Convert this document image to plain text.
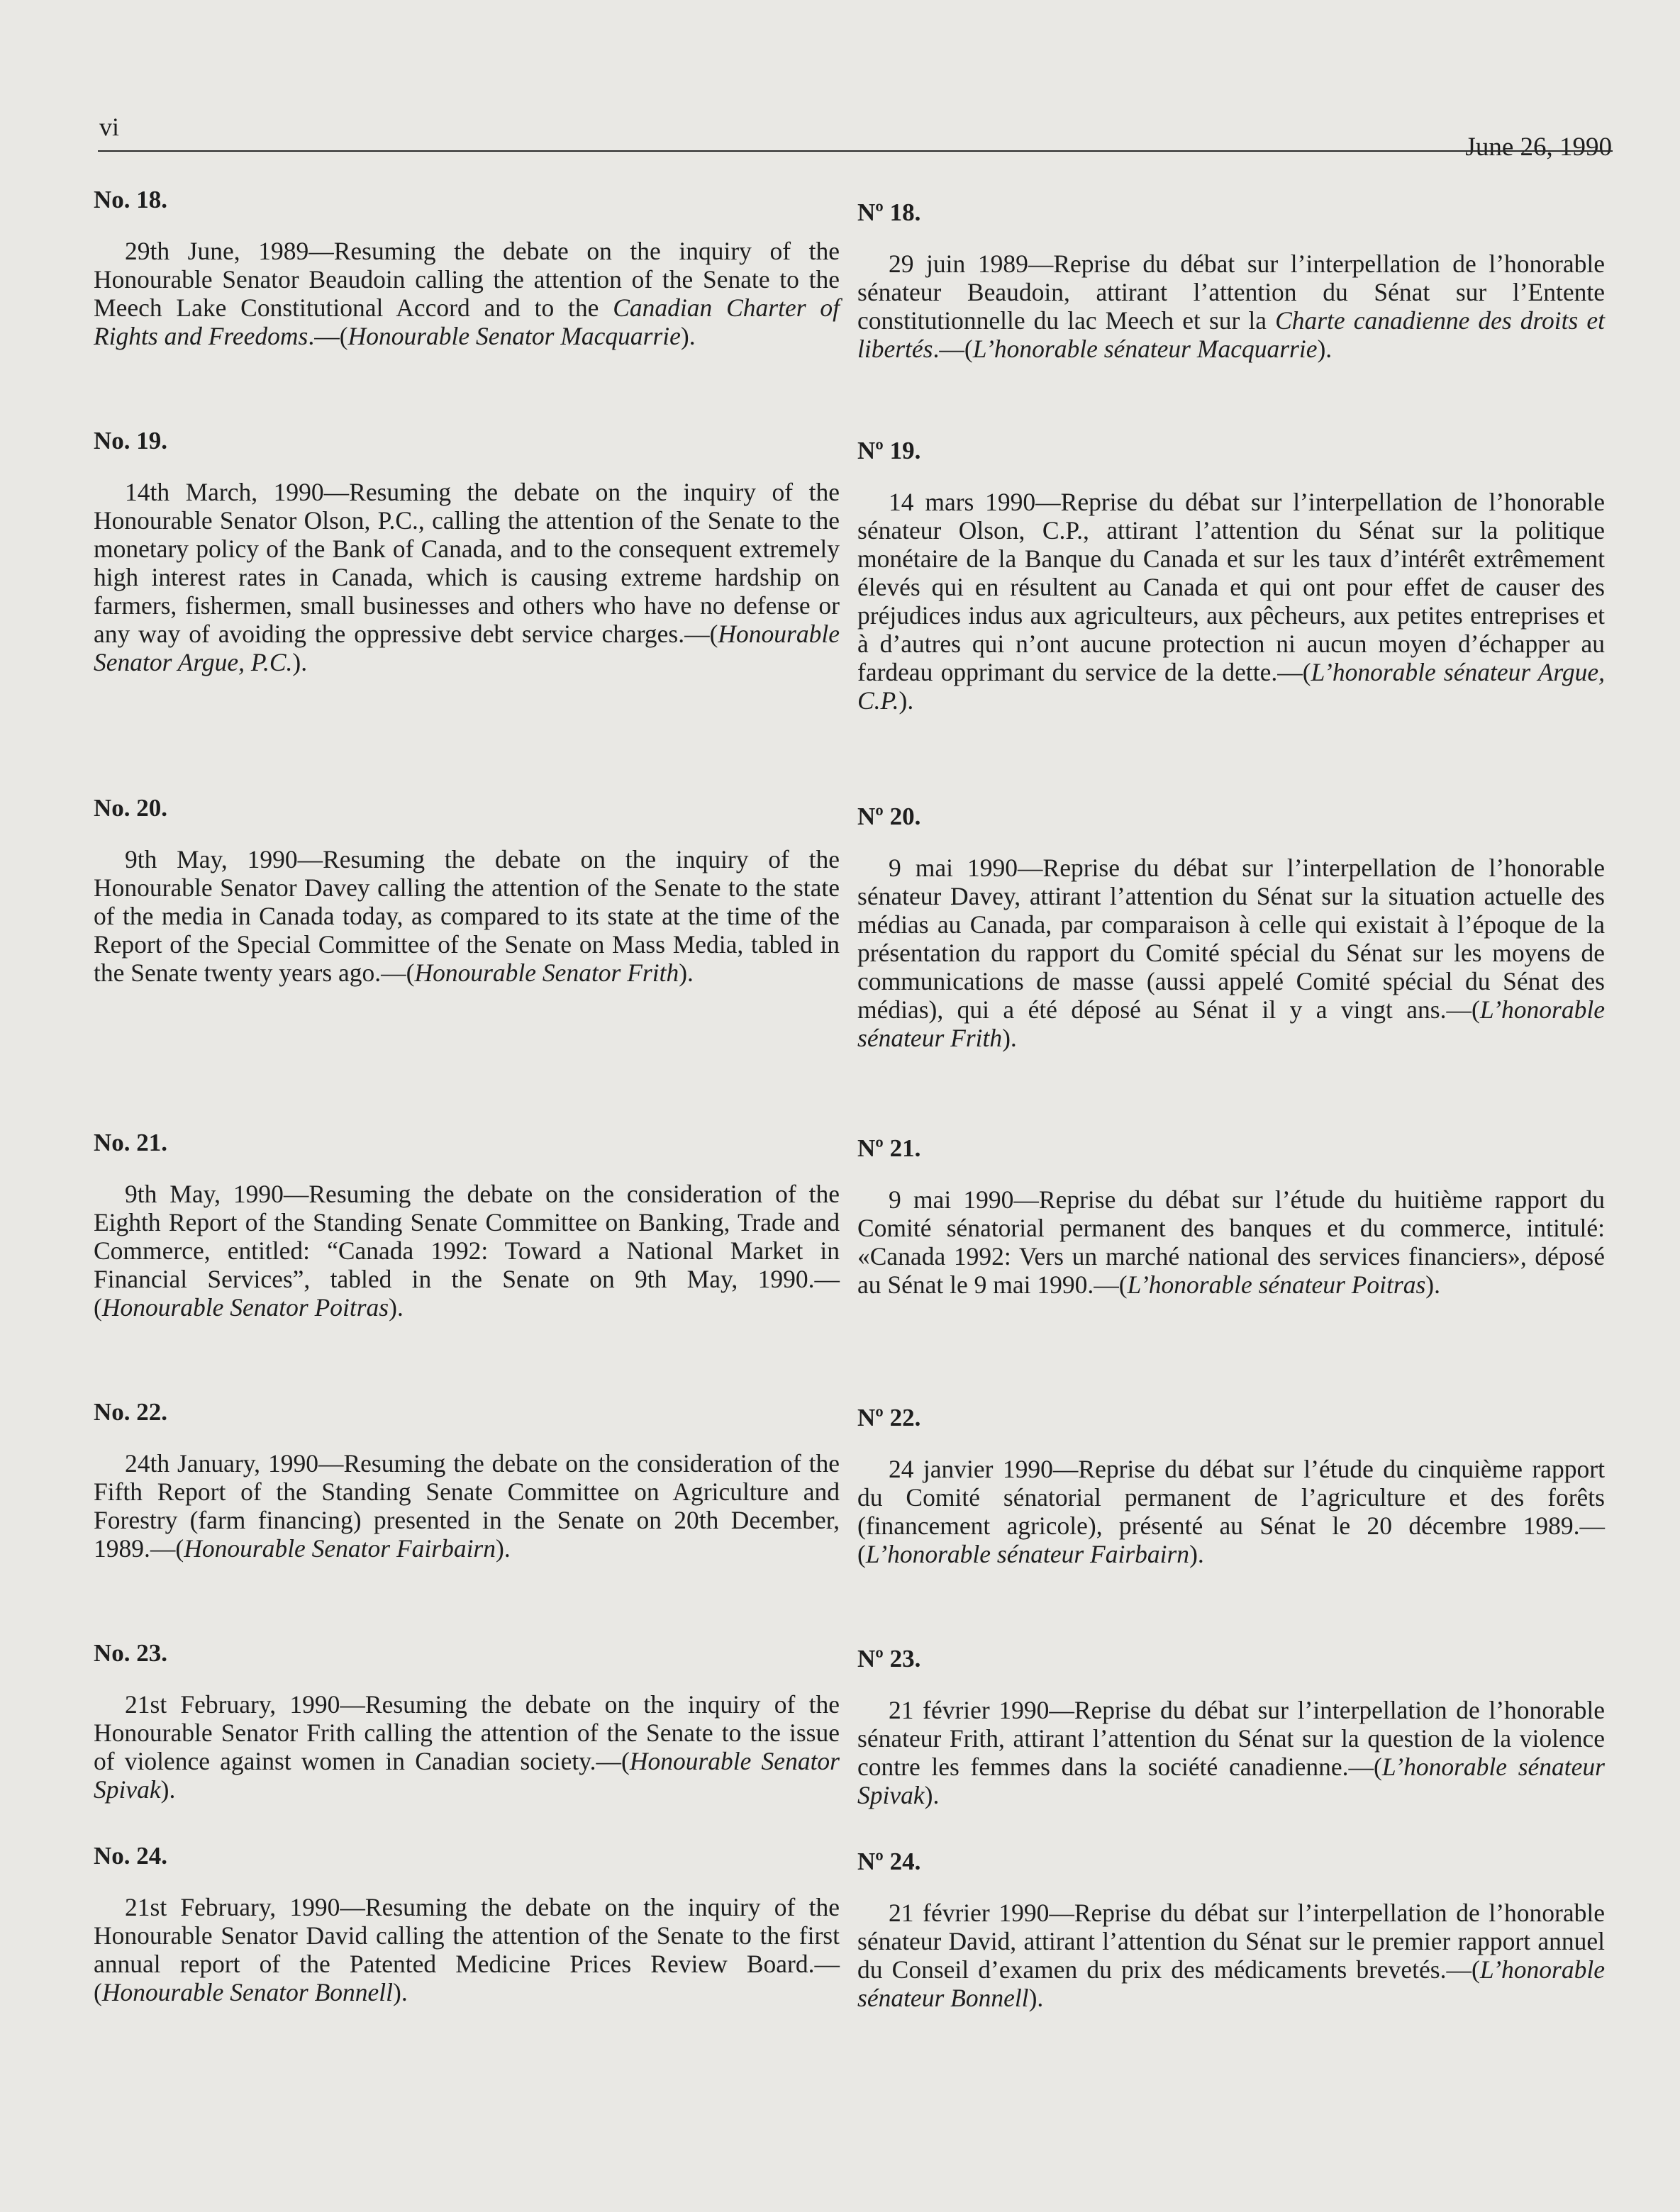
vi
June 26, 1990

No. 18.

29th June, 1989—Resuming the debate on the inquiry of the Honourable Senator Beaudoin calling the attention of the Senate to the Meech Lake Constitutional Accord and to the Canadian Charter of Rights and Freedoms.—(Honourable Senator Macquarrie).

No. 19.

14th March, 1990—Resuming the debate on the inquiry of the Honourable Senator Olson, P.C., calling the attention of the Senate to the monetary policy of the Bank of Canada, and to the consequent extremely high interest rates in Canada, which is causing extreme hardship on farmers, fishermen, small businesses and others who have no defense or any way of avoiding the oppressive debt service charges.—(Honourable Senator Argue, P.C.).

No. 20.

9th May, 1990—Resuming the debate on the inquiry of the Honourable Senator Davey calling the attention of the Senate to the state of the media in Canada today, as compared to its state at the time of the Report of the Special Committee of the Senate on Mass Media, tabled in the Senate twenty years ago.—(Honourable Senator Frith).

No. 21.

9th May, 1990—Resuming the debate on the consideration of the Eighth Report of the Standing Senate Committee on Banking, Trade and Commerce, entitled: “Canada 1992: Toward a National Market in Financial Services”, tabled in the Senate on 9th May, 1990.—(Honourable Senator Poitras).

No. 22.

24th January, 1990—Resuming the debate on the consideration of the Fifth Report of the Standing Senate Committee on Agriculture and Forestry (farm financing) presented in the Senate on 20th December, 1989.—(Honourable Senator Fairbairn).

No. 23.

21st February, 1990—Resuming the debate on the inquiry of the Honourable Senator Frith calling the attention of the Senate to the issue of violence against women in Canadian society.—(Honourable Senator Spivak).

No. 24.

21st February, 1990—Resuming the debate on the inquiry of the Honourable Senator David calling the attention of the Senate to the first annual report of the Patented Medicine Prices Review Board.—(Honourable Senator Bonnell).

Nº 18.

29 juin 1989—Reprise du débat sur l’interpellation de l’honorable sénateur Beaudoin, attirant l’attention du Sénat sur l’Entente constitutionnelle du lac Meech et sur la Charte canadienne des droits et libertés.—(L’honorable sénateur Macquarrie).

Nº 19.

14 mars 1990—Reprise du débat sur l’interpellation de l’honorable sénateur Olson, C.P., attirant l’attention du Sénat sur la politique monétaire de la Banque du Canada et sur les taux d’intérêt extrêmement élevés qui en résultent au Canada et qui ont pour effet de causer des préjudices indus aux agriculteurs, aux pêcheurs, aux petites entreprises et à d’autres qui n’ont aucune protection ni aucun moyen d’échapper au fardeau opprimant du service de la dette.—(L’honorable sénateur Argue, C.P.).

Nº 20.

9 mai 1990—Reprise du débat sur l’interpellation de l’honorable sénateur Davey, attirant l’attention du Sénat sur la situation actuelle des médias au Canada, par comparaison à celle qui existait à l’époque de la présentation du rapport du Comité spécial du Sénat sur les moyens de communications de masse (aussi appelé Comité spécial du Sénat des médias), qui a été déposé au Sénat il y a vingt ans.—(L’honorable sénateur Frith).

Nº 21.

9 mai 1990—Reprise du débat sur l’étude du huitième rapport du Comité sénatorial permanent des banques et du commerce, intitulé: «Canada 1992: Vers un marché national des services financiers», déposé au Sénat le 9 mai 1990.—(L’honorable sénateur Poitras).

Nº 22.

24 janvier 1990—Reprise du débat sur l’étude du cinquième rapport du Comité sénatorial permanent de l’agriculture et des forêts (financement agricole), présenté au Sénat le 20 décembre 1989.—(L’honorable sénateur Fairbairn).

Nº 23.

21 février 1990—Reprise du débat sur l’interpellation de l’honorable sénateur Frith, attirant l’attention du Sénat sur la question de la violence contre les femmes dans la société canadienne.—(L’honorable sénateur Spivak).

Nº 24.

21 février 1990—Reprise du débat sur l’interpellation de l’honorable sénateur David, attirant l’attention du Sénat sur le premier rapport annuel du Conseil d’examen du prix des médicaments brevetés.—(L’honorable sénateur Bonnell).
